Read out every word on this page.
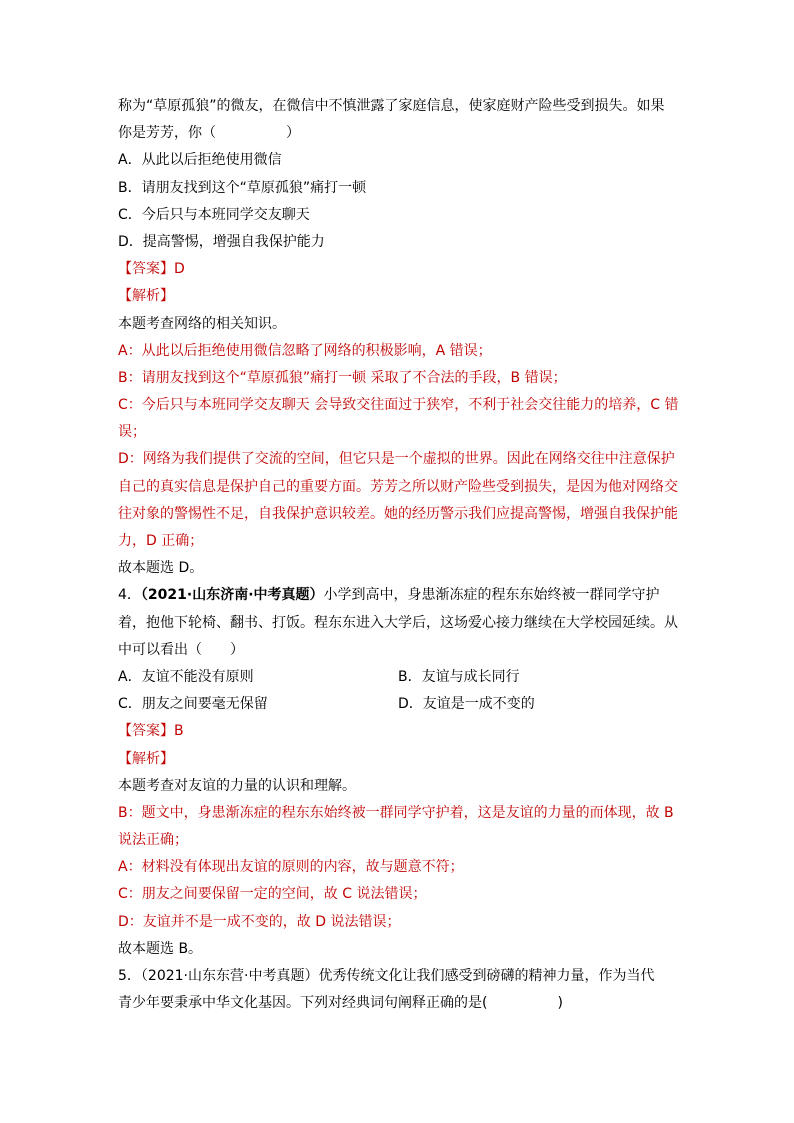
称为“草原孤狼”的微友，在微信中不慎泄露了家庭信息，使家庭财产险些受到损失。如果
你是芳芳，你（　　　　　）
A．从此以后拒绝使用微信
B．请朋友找到这个“草原孤狼”痛打一顿
C．今后只与本班同学交友聊天
D．提高警惕，增强自我保护能力
【答案】D
【解析】
本题考查网络的相关知识。
A：从此以后拒绝使用微信忽略了网络的积极影响，A 错误；
B：请朋友找到这个“草原孤狼”痛打一顿 采取了不合法的手段，B 错误；
C：今后只与本班同学交友聊天 会导致交往面过于狭窄，不利于社会交往能力的培养，C 错
误；
D：网络为我们提供了交流的空间，但它只是一个虚拟的世界。因此在网络交往中注意保护
自己的真实信息是保护自己的重要方面。芳芳之所以财产险些受到损失，是因为他对网络交
往对象的警惕性不足，自我保护意识较差。她的经历警示我们应提高警惕，增强自我保护能
力，D 正确；
故本题选 D。
4．（2021·山东济南·中考真题）小学到高中，身患渐冻症的程东东始终被一群同学守护
着，抱他下轮椅、翻书、打饭。程东东进入大学后，这场爱心接力继续在大学校园延续。从
中可以看出（　　）
A．友谊不能没有原则	B．友谊与成长同行
C．朋友之间要毫无保留	D．友谊是一成不变的
【答案】B
【解析】
本题考查对友谊的力量的认识和理解。
B：题文中，身患渐冻症的程东东始终被一群同学守护着，这是友谊的力量的而体现，故 B
说法正确；
A：材料没有体现出友谊的原则的内容，故与题意不符；
C：朋友之间要保留一定的空间，故 C 说法错误；
D：友谊并不是一成不变的，故 D 说法错误；
故本题选 B。
5．（2021·山东东营·中考真题）优秀传统文化让我们感受到磅礴的精神力量，作为当代
青少年要秉承中华文化基因。下列对经典词句阐释正确的是(　　　　　)
